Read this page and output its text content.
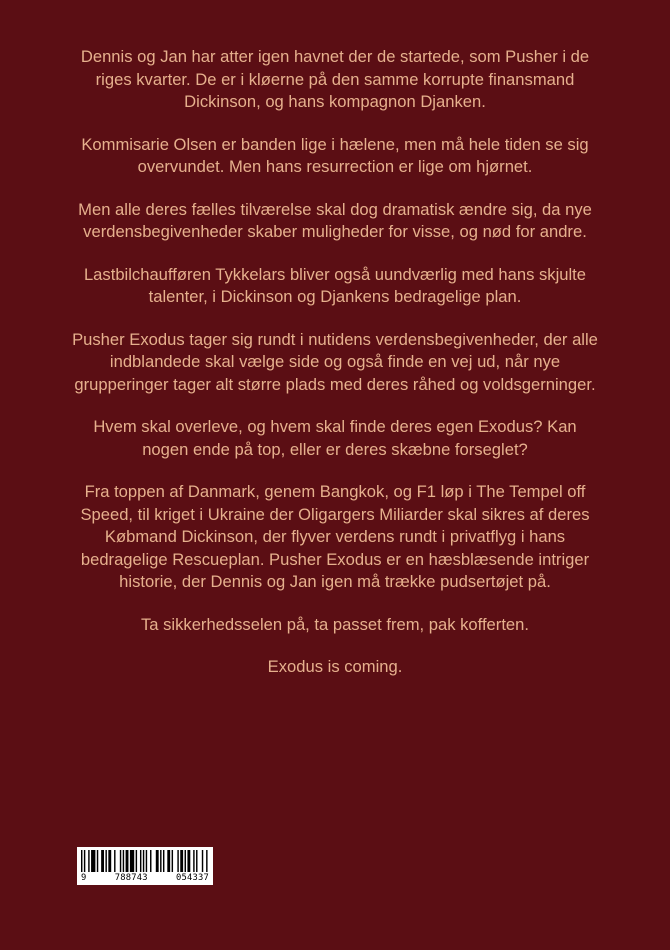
Dennis og Jan har atter igen havnet der de startede, som Pusher i de riges kvarter. De er i kløerne på den samme korrupte finansmand Dickinson, og hans kompagnon Djanken.

Kommisarie Olsen er banden lige i hælene, men må hele tiden se sig overvundet. Men hans resurrection er lige om hjørnet.

Men alle deres fælles tilværelse skal dog dramatisk ændre sig, da nye verdensbegivenheder skaber muligheder for visse, og nød for andre.

Lastbilchaufføren Tykkelars bliver også uundværlig med hans skjulte talenter, i Dickinson og Djankens bedragelige plan.

Pusher Exodus tager sig rundt i nutidens verdensbegivenheder, der alle indblandede skal vælge side og også finde en vej ud, når nye grupperinger tager alt større plads med deres råhed og voldsgerninger.

Hvem skal overleve, og hvem skal finde deres egen Exodus? Kan nogen ende på top, eller er deres skæbne forseglet?

Fra toppen af Danmark, genem Bangkok, og F1 løp i The Tempel off Speed, til kriget i Ukraine der Oligargers Miliarder skal sikres af deres Købmand Dickinson, der flyver verdens rundt i privatflyg i hans bedragelige Rescueplan. Pusher Exodus er en hæsblæsende intriger historie, der Dennis og Jan igen må trække pudsertøjet på.

Ta sikkerhedsselen på, ta passet frem, pak kofferten.

Exodus is coming.

9	788743	054337
